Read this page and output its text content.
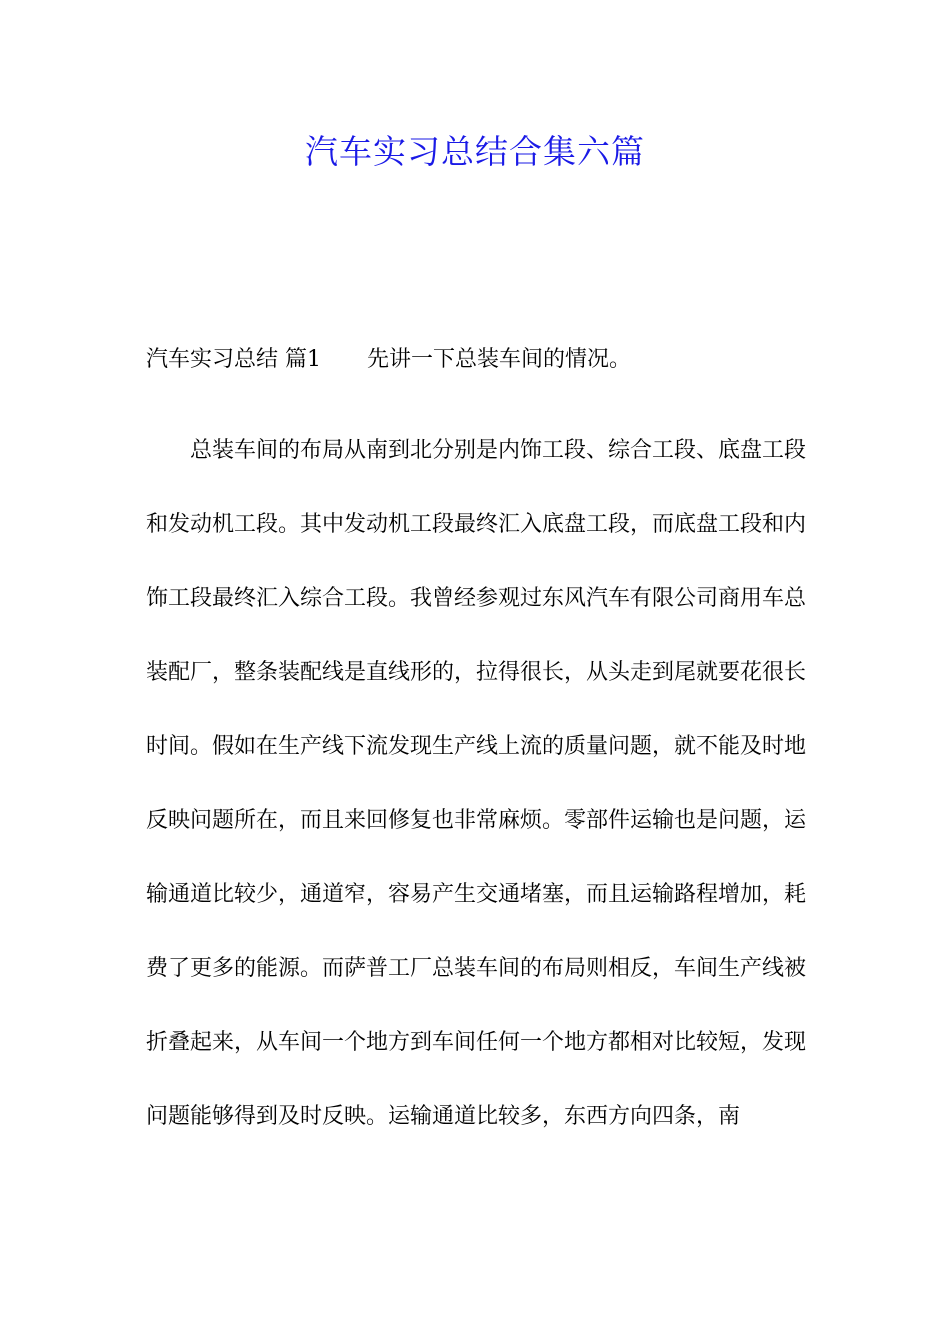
汽车实习总结合集六篇
汽车实习总结 篇1 先讲一下总装车间的情况。
总装车间的布局从南到北分别是内饰工段、综合工段、底盘工段和发动机工段。其中发动机工段最终汇入底盘工段，而底盘工段和内饰工段最终汇入综合工段。我曾经参观过东风汽车有限公司商用车总装配厂，整条装配线是直线形的，拉得很长，从头走到尾就要花很长时间。假如在生产线下流发现生产线上流的质量问题，就不能及时地反映问题所在，而且来回修复也非常麻烦。零部件运输也是问题，运输通道比较少，通道窄，容易产生交通堵塞，而且运输路程增加，耗费了更多的能源。而萨普工厂总装车间的布局则相反，车间生产线被折叠起来，从车间一个地方到车间任何一个地方都相对比较短，发现问题能够得到及时反映。运输通道比较多，东西方向四条，南
